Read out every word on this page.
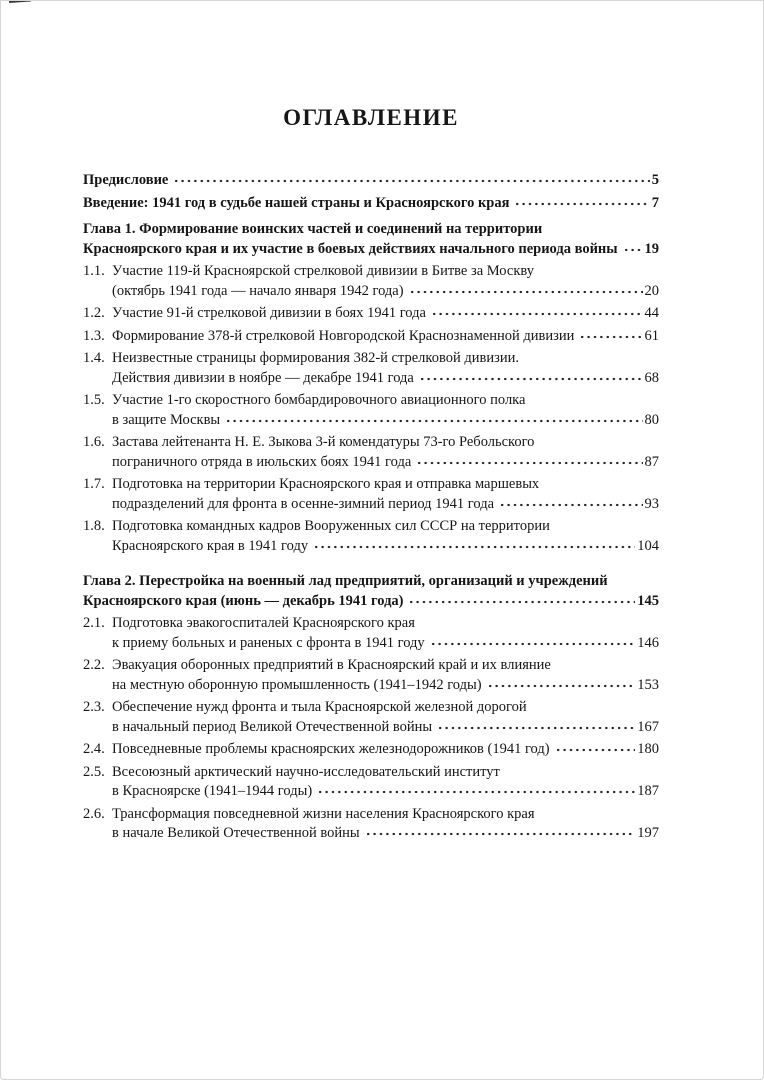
ОГЛАВЛЕНИЕ
Предисловие	5
Введение: 1941 год в судьбе нашей страны и Красноярского края	7
Глава 1. Формирование воинских частей и соединений на территории
Красноярского края и их участие в боевых действиях начального периода войны 19
1.1. Участие 119-й Красноярской стрелковой дивизии в Битве за Москву
(октябрь 1941 года — начало января 1942 года)	20
1.2. Участие 91-й стрелковой дивизии в боях 1941 года	44
1.3. Формирование 378-й стрелковой Новгородской Краснознаменной дивизии	61
1.4. Неизвестные страницы формирования 382-й стрелковой дивизии.
Действия дивизии в ноябре — декабре 1941 года	68
1.5. Участие 1-го скоростного бомбардировочного авиационного полка
в защите Москвы	80
1.6. Застава лейтенанта Н. Е. Зыкова 3-й комендатуры 73-го Ребольского
пограничного отряда в июльских боях 1941 года	87
1.7. Подготовка на территории Красноярского края и отправка маршевых
подразделений для фронта в осенне-зимний период 1941 года	93
1.8. Подготовка командных кадров Вооруженных сил СССР на территории
Красноярского края в 1941 году	104
Глава 2. Перестройка на военный лад предприятий, организаций и учреждений
Красноярского края (июнь — декабрь 1941 года)	145
2.1. Подготовка эвакогоспиталей Красноярского края
к приему больных и раненых с фронта в 1941 году	146
2.2. Эвакуация оборонных предприятий в Красноярский край и их влияние
на местную оборонную промышленность (1941–1942 годы)	153
2.3. Обеспечение нужд фронта и тыла Красноярской железной дорогой
в начальный период Великой Отечественной войны	167
2.4. Повседневные проблемы красноярских железнодорожников (1941 год)	180
2.5. Всесоюзный арктический научно-исследовательский институт
в Красноярске (1941–1944 годы)	187
2.6. Трансформация повседневной жизни населения Красноярского края
в начале Великой Отечественной войны	197
